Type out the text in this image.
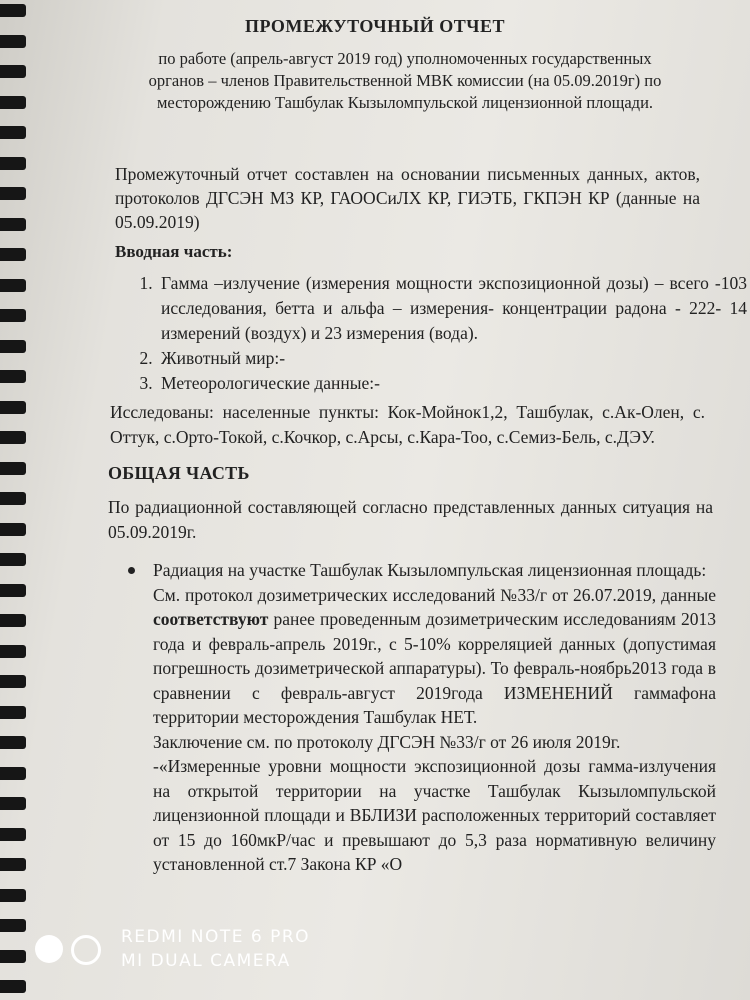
ПРОМЕЖУТОЧНЫЙ ОТЧЕТ
по работе (апрель-август 2019 год) уполномоченных государственных органов – членов Правительственной МВК комиссии (на 05.09.2019г) по месторождению Ташбулак Кызыломпульской лицензионной площади.
Промежуточный отчет составлен на основании письменных данных, актов, протоколов ДГСЭН МЗ КР, ГАООСиЛХ КР, ГИЭТБ, ГКПЭН КР (данные на 05.09.2019)
Вводная часть:
1. Гамма –излучение (измерения мощности экспозиционной дозы) – всего -103 исследования, бетта и альфа – измерения- концентрации радона - 222- 14 измерений (воздух) и 23 измерения (вода).
2. Животный мир:-
3. Метеорологические данные:-
Исследованы: населенные пункты: Кок-Мойнок1,2, Ташбулак, с.Ак-Олен, с. Оттук, с.Орто-Токой, с.Кочкор, с.Арсы, с.Кара-Тоо, с.Семиз-Бель, с.ДЭУ.
ОБЩАЯ ЧАСТЬ
По радиационной составляющей согласно представленных данных ситуация на 05.09.2019г.

Радиация на участке Ташбулак Кызыломпульская лицензионная площадь:

См. протокол дозиметрических исследований №33/г от 26.07.2019, данные соответствуют ранее проведенным дозиметрическим исследованиям 2013 года и февраль-апрель 2019г., с 5-10% корреляцией данных (допустимая погрешность дозиметрической аппаратуры). То февраль-ноябрь2013 года в сравнении с февраль-август 2019года ИЗМЕНЕНИЙ гаммафона территории месторождения Ташбулак НЕТ.

Заключение см. по протоколу ДГСЭН №33/г от 26 июля 2019г.

-«Измеренные уровни мощности экспозиционной дозы гамма-излучения на открытой территории на участке Ташбулак Кызыломпульской лицензионной площади и ВБЛИЗИ расположенных территорий составляет от 15 до 160мкР/час и превышают до 5,3 раза нормативную величину установленной ст.7 Закона КР «О

REDMI NOTE 6 PRO
MI DUAL CAMERA
